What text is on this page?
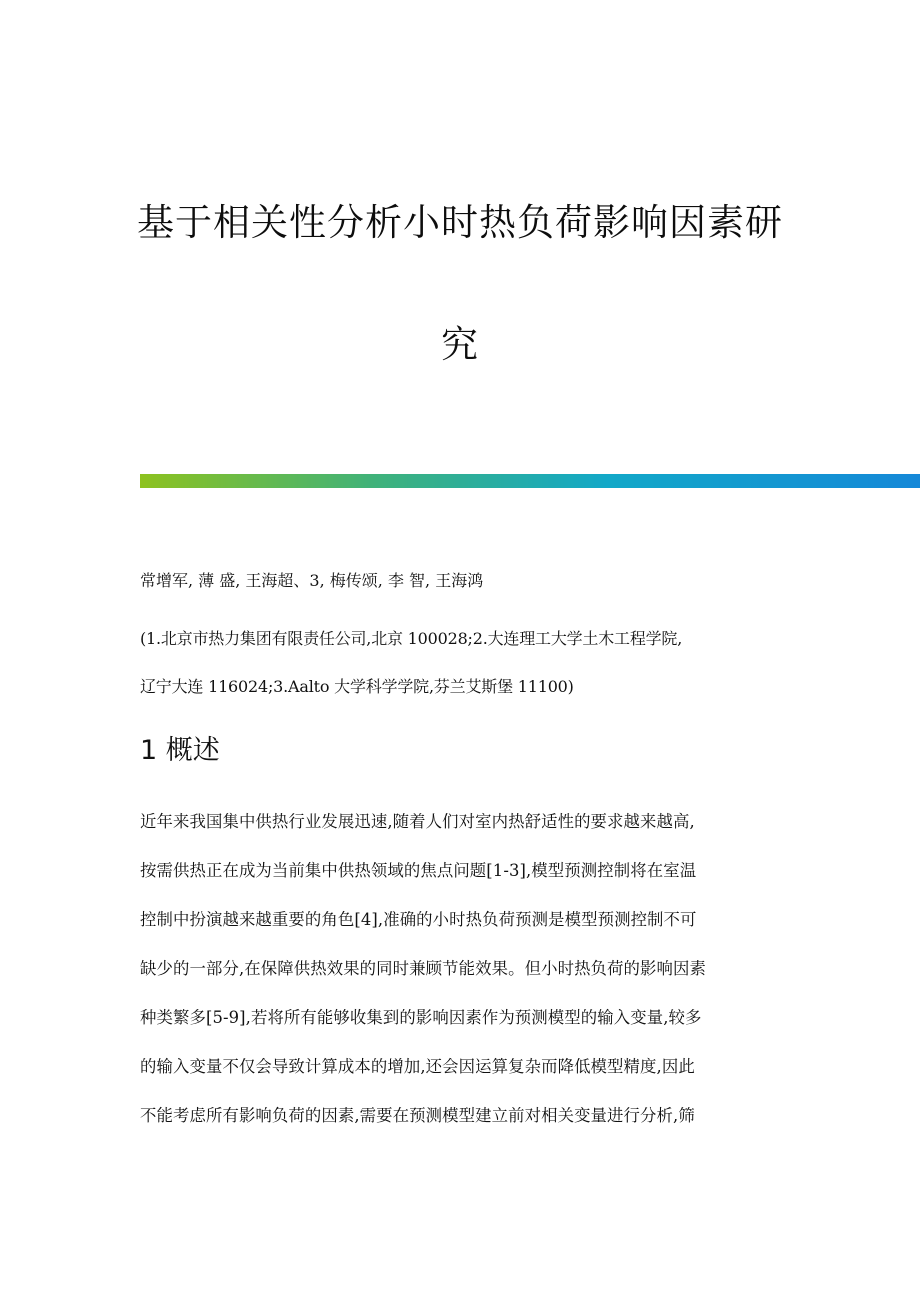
基于相关性分析小时热负荷影响因素研
究
常增军, 薄 盛, 王海超、3, 梅传颂, 李 智, 王海鸿
(1.北京市热力集团有限责任公司,北京 100028;2.大连理工大学土木工程学院,
辽宁大连 116024;3.Aalto 大学科学学院,芬兰艾斯堡 11100)
1 概述
近年来我国集中供热行业发展迅速,随着人们对室内热舒适性的要求越来越高,
按需供热正在成为当前集中供热领域的焦点问题[1-3],模型预测控制将在室温
控制中扮演越来越重要的角色[4],准确的小时热负荷预测是模型预测控制不可
缺少的一部分,在保障供热效果的同时兼顾节能效果。但小时热负荷的影响因素
种类繁多[5-9],若将所有能够收集到的影响因素作为预测模型的输入变量,较多
的输入变量不仅会导致计算成本的增加,还会因运算复杂而降低模型精度,因此
不能考虑所有影响负荷的因素,需要在预测模型建立前对相关变量进行分析,筛
